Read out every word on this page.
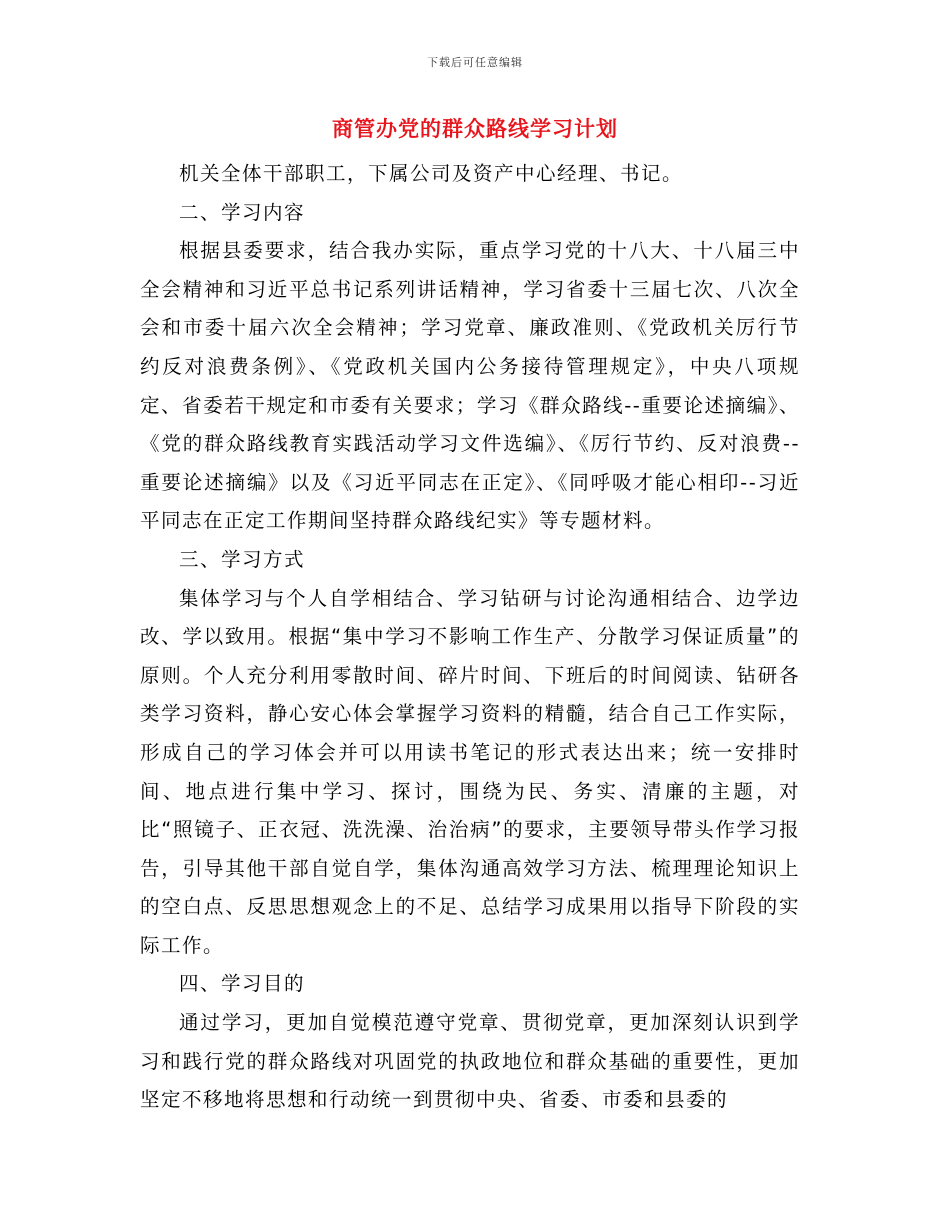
下载后可任意编辑
商管办党的群众路线学习计划

机关全体干部职工，下属公司及资产中心经理、书记。

二、学习内容

根据县委要求，结合我办实际，重点学习党的十八大、十八届三中全会精神和习近平总书记系列讲话精神，学习省委十三届七次、八次全会和市委十届六次全会精神；学习党章、廉政准则、《党政机关厉行节约反对浪费条例》、《党政机关国内公务接待管理规定》，中央八项规定、省委若干规定和市委有关要求；学习《群众路线--重要论述摘编》、《党的群众路线教育实践活动学习文件选编》、《厉行节约、反对浪费--重要论述摘编》以及《习近平同志在正定》、《同呼吸才能心相印--习近平同志在正定工作期间坚持群众路线纪实》等专题材料。

三、学习方式

集体学习与个人自学相结合、学习钻研与讨论沟通相结合、边学边改、学以致用。根据“集中学习不影响工作生产、分散学习保证质量”的原则。个人充分利用零散时间、碎片时间、下班后的时间阅读、钻研各类学习资料，静心安心体会掌握学习资料的精髓，结合自己工作实际，形成自己的学习体会并可以用读书笔记的形式表达出来；统一安排时间、地点进行集中学习、探讨，围绕为民、务实、清廉的主题，对比“照镜子、正衣冠、洗洗澡、治治病”的要求，主要领导带头作学习报告，引导其他干部自觉自学，集体沟通高效学习方法、梳理理论知识上的空白点、反思思想观念上的不足、总结学习成果用以指导下阶段的实际工作。

四、学习目的

通过学习，更加自觉模范遵守党章、贯彻党章，更加深刻认识到学习和践行党的群众路线对巩固党的执政地位和群众基础的重要性，更加坚定不移地将思想和行动统一到贯彻中央、省委、市委和县委的
